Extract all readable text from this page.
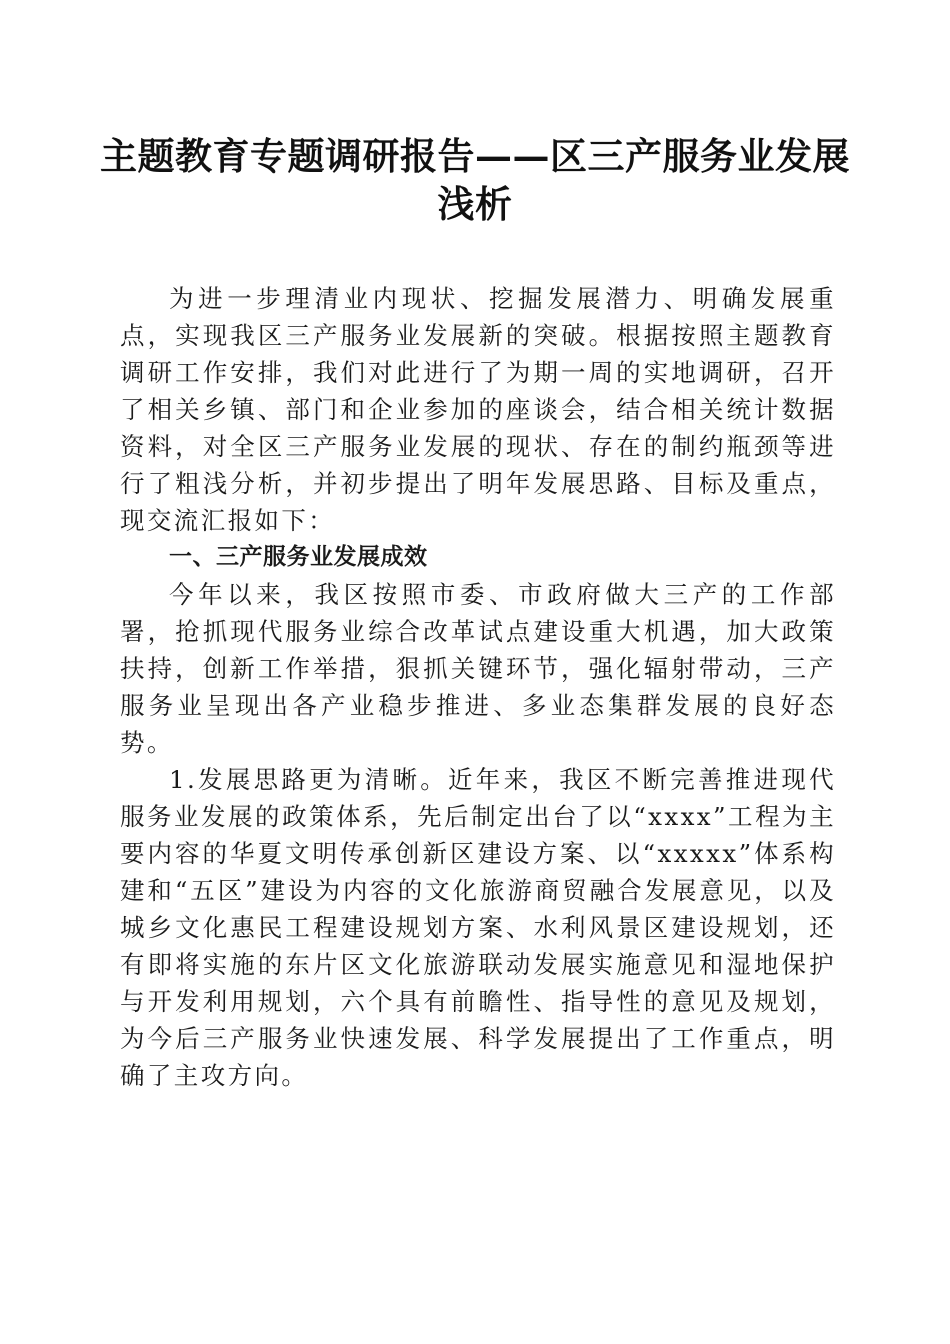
主题教育专题调研报告——区三产服务业发展
浅析

为进一步理清业内现状、挖掘发展潜力、明确发展重点，实现我区三产服务业发展新的突破。根据按照主题教育调研工作安排，我们对此进行了为期一周的实地调研，召开了相关乡镇、部门和企业参加的座谈会，结合相关统计数据资料，对全区三产服务业发展的现状、存在的制约瓶颈等进行了粗浅分析，并初步提出了明年发展思路、目标及重点，现交流汇报如下：

一、三产服务业发展成效

今年以来，我区按照市委、市政府做大三产的工作部署，抢抓现代服务业综合改革试点建设重大机遇，加大政策扶持，创新工作举措，狠抓关键环节，强化辐射带动，三产服务业呈现出各产业稳步推进、多业态集群发展的良好态势。

1.发展思路更为清晰。近年来，我区不断完善推进现代服务业发展的政策体系，先后制定出台了以“xxxx”工程为主要内容的华夏文明传承创新区建设方案、以“xxxxx”体系构建和“五区”建设为内容的文化旅游商贸融合发展意见，以及城乡文化惠民工程建设规划方案、水利风景区建设规划，还有即将实施的东片区文化旅游联动发展实施意见和湿地保护与开发利用规划，六个具有前瞻性、指导性的意见及规划，为今后三产服务业快速发展、科学发展提出了工作重点，明确了主攻方向。
